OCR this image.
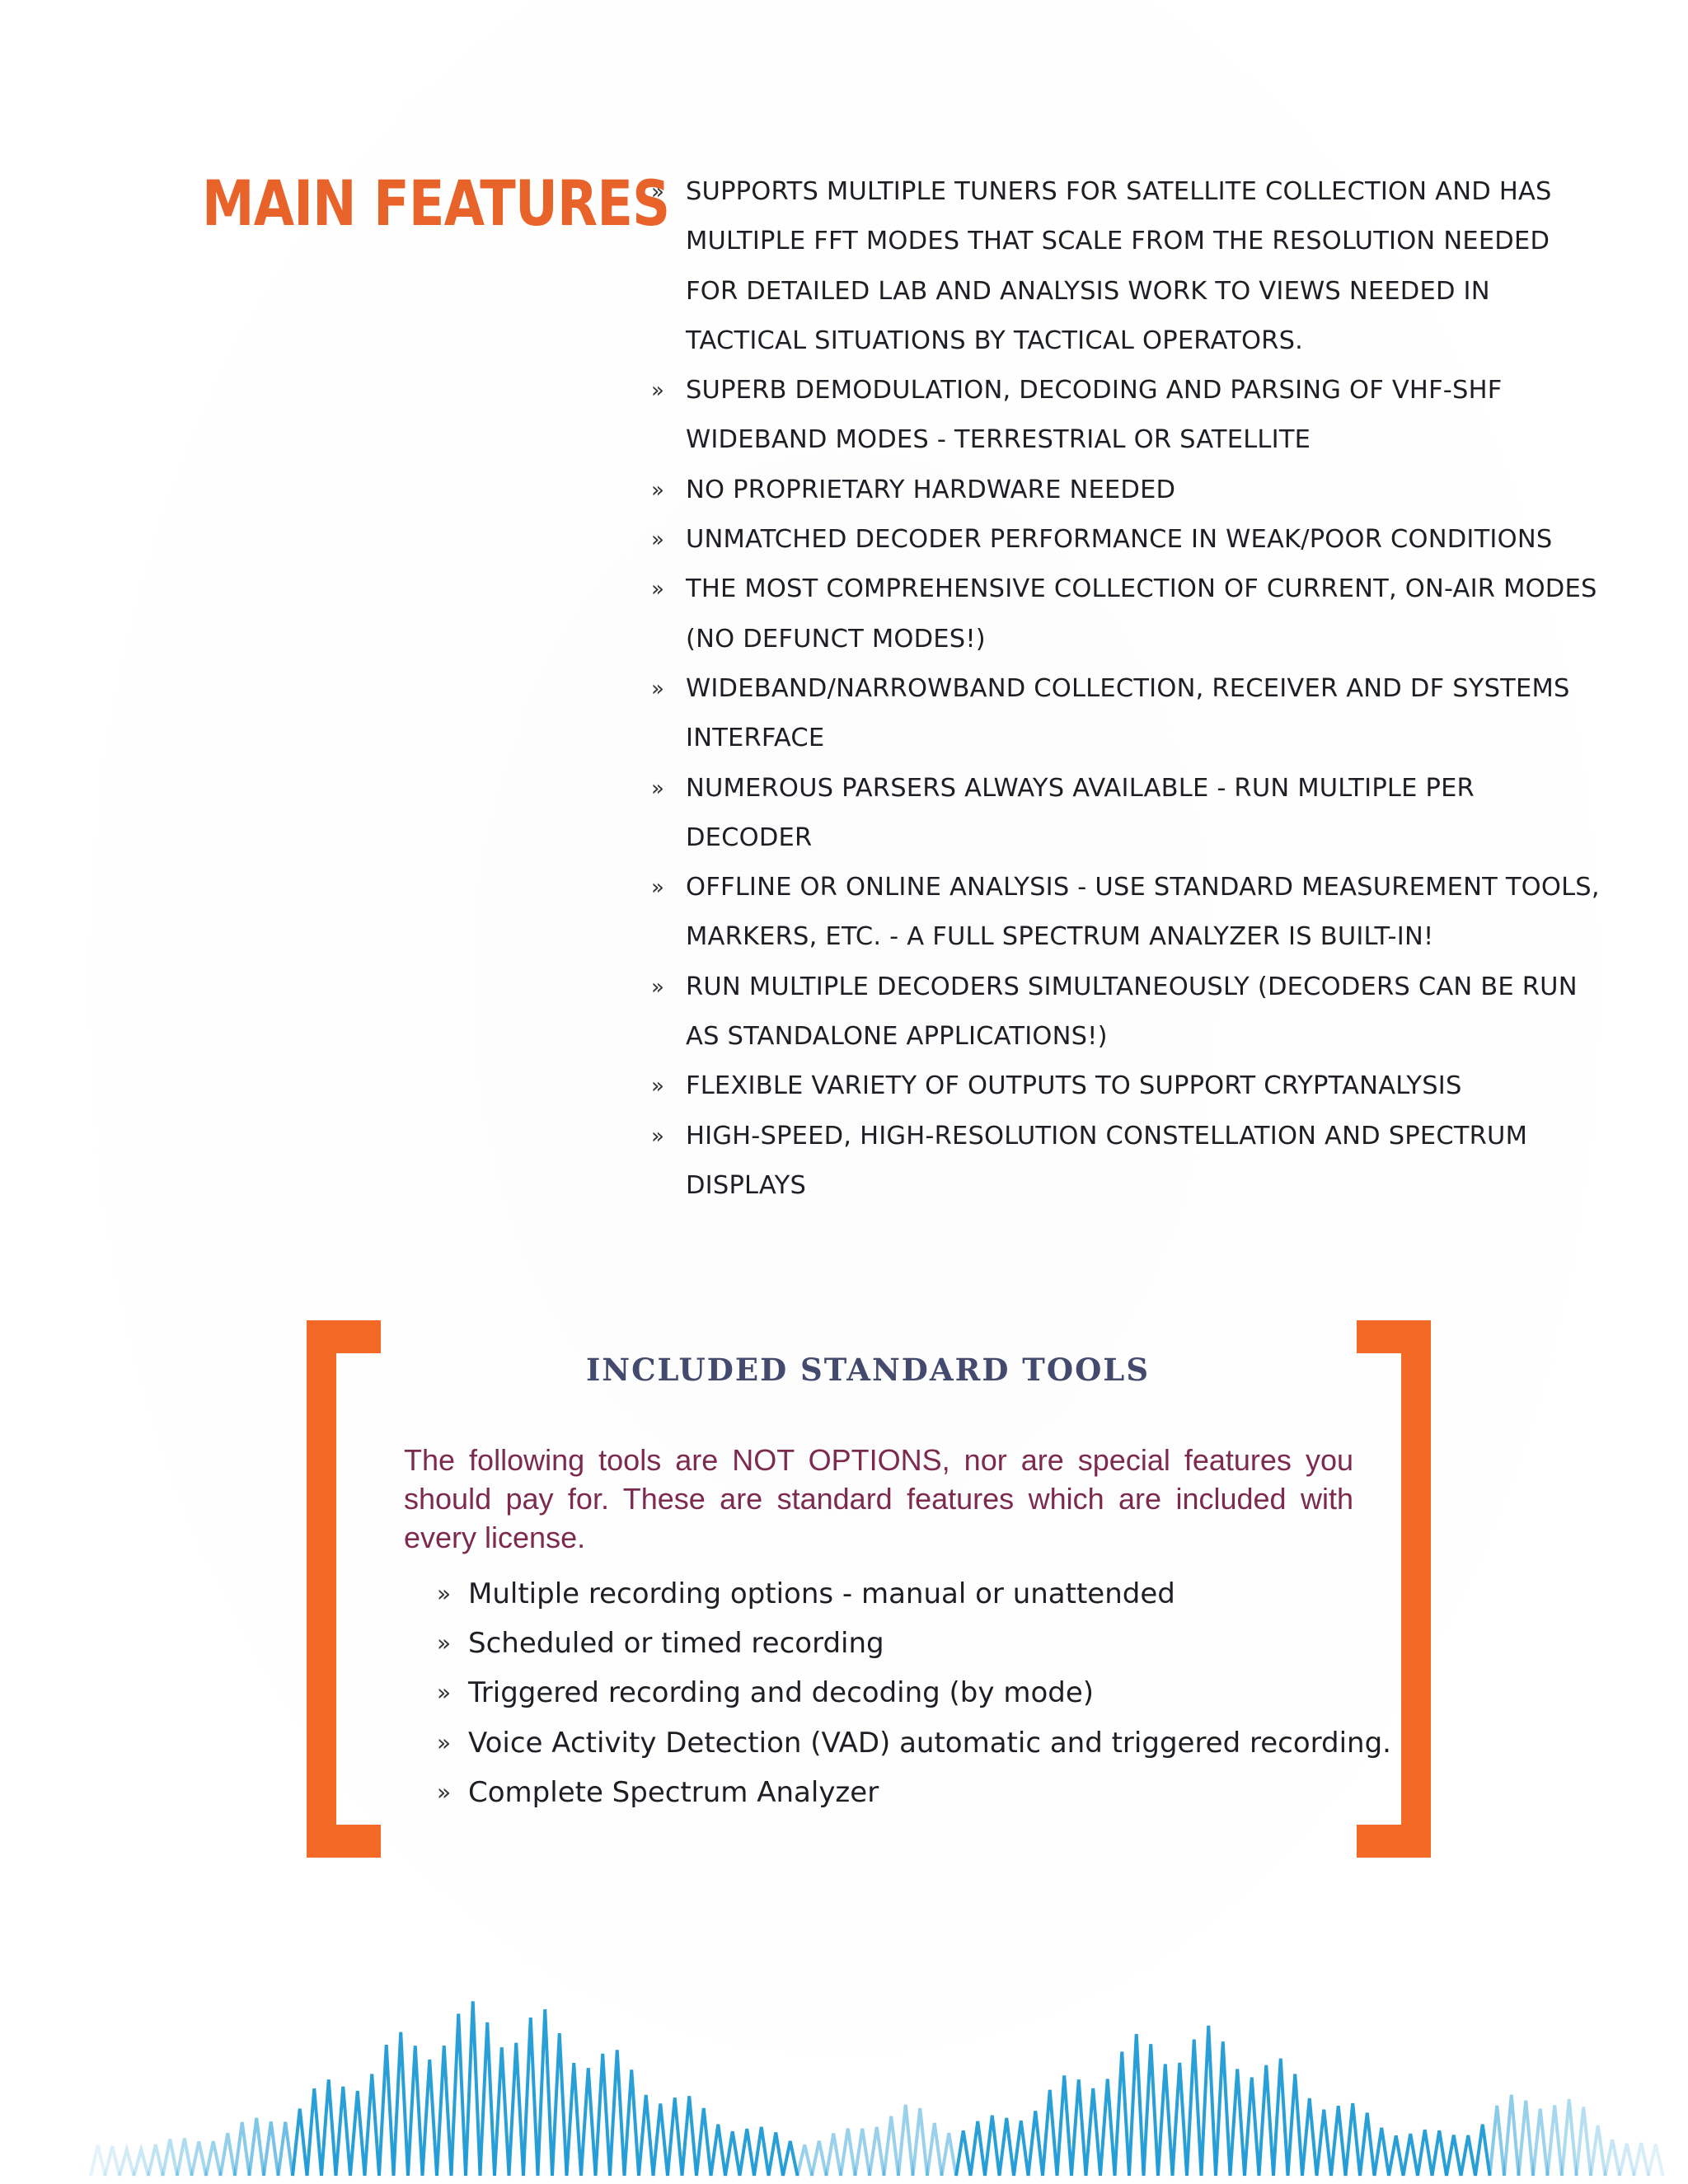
MAIN FEATURES
» SUPPORTS MULTIPLE TUNERS FOR SATELLITE COLLECTION AND HAS MULTIPLE FFT MODES THAT SCALE FROM THE RESOLUTION NEEDED FOR DETAILED LAB AND ANALYSIS WORK TO VIEWS NEEDED IN TACTICAL SITUATIONS BY TACTICAL OPERATORS.
» SUPERB DEMODULATION, DECODING AND PARSING OF VHF-SHF WIDEBAND MODES - TERRESTRIAL OR SATELLITE
» NO PROPRIETARY HARDWARE NEEDED
» UNMATCHED DECODER PERFORMANCE IN WEAK/POOR CONDITIONS
» THE MOST COMPREHENSIVE COLLECTION OF CURRENT, ON-AIR MODES (NO DEFUNCT MODES!)
» WIDEBAND/NARROWBAND COLLECTION, RECEIVER AND DF SYSTEMS INTERFACE
» NUMEROUS PARSERS ALWAYS AVAILABLE - RUN MULTIPLE PER DECODER
» OFFLINE OR ONLINE ANALYSIS - USE STANDARD MEASUREMENT TOOLS, MARKERS, ETC. - A FULL SPECTRUM ANALYZER IS BUILT-IN!
» RUN MULTIPLE DECODERS SIMULTANEOUSLY (DECODERS CAN BE RUN AS STANDALONE APPLICATIONS!)
» FLEXIBLE VARIETY OF OUTPUTS TO SUPPORT CRYPTANALYSIS
» HIGH-SPEED, HIGH-RESOLUTION CONSTELLATION AND SPECTRUM DISPLAYS
INCLUDED STANDARD TOOLS

The following tools are NOT OPTIONS, nor are special features you should pay for. These are standard features which are included with every license.

» Multiple recording options - manual or unattended
» Scheduled or timed recording
» Triggered recording and decoding (by mode)
» Voice Activity Detection (VAD) automatic and triggered recording.
» Complete Spectrum Analyzer
